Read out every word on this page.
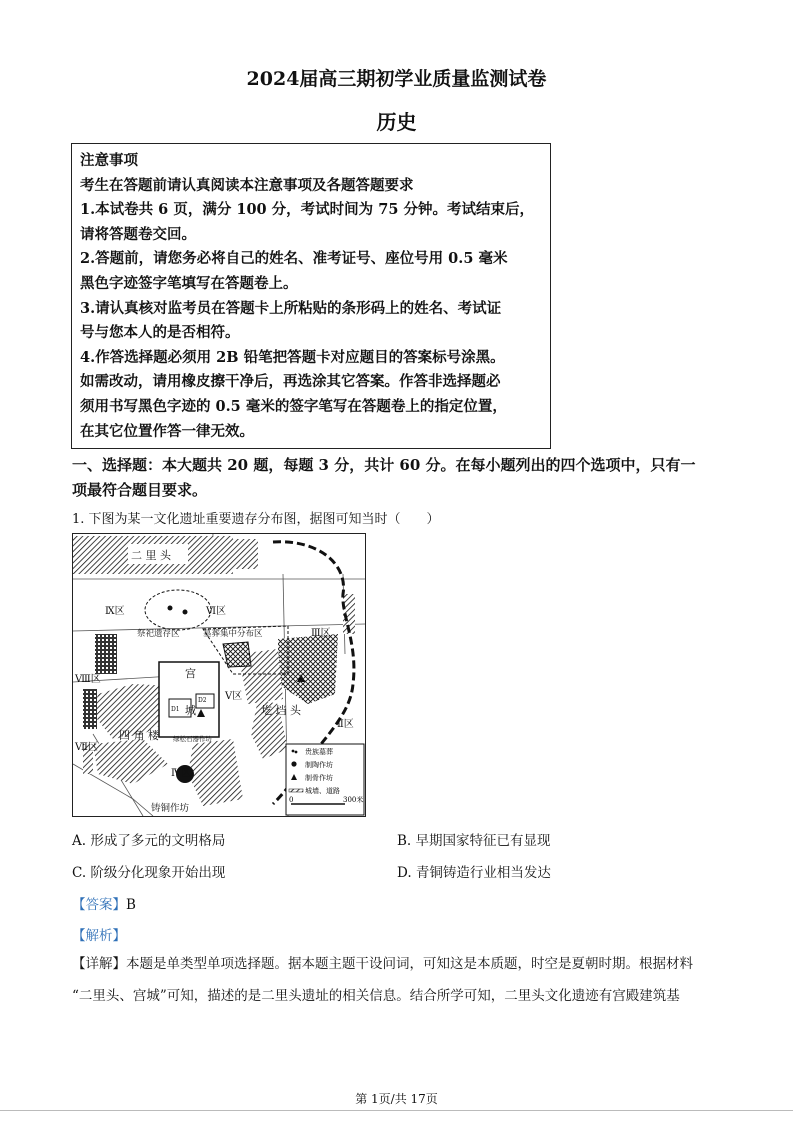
2024届高三期初学业质量监测试卷
历史
注意事项
考生在答题前请认真阅读本注意事项及各题答题要求
1.本试卷共 6 页，满分 100 分，考试时间为 75 分钟。考试结束后，
请将答题卷交回。
2.答题前，请您务必将自己的姓名、准考证号、座位号用 0.5 毫米
黑色字迹签字笔填写在答题卷上。
3.请认真核对监考员在答题卡上所粘贴的条形码上的姓名、考试证
号与您本人的是否相符。
4.作答选择题必须用 2B 铅笔把答题卡对应题目的答案标号涂黑。
如需改动，请用橡皮擦干净后，再选涂其它答案。作答非选择题必
须用书写黑色字迹的 0.5 毫米的签字笔写在答题卷上的指定位置，
在其它位置作答一律无效。
一、选择题：本大题共 20 题，每题 3 分，共计 60 分。在每小题列出的四个选项中，只有一
项最符合题目要求。
1. 下图为某一文化遗址重要遗存分布图，据图可知当时（　　）
二 里 头
Ⅸ区	Ⅵ区
Ⅲ区
Ⅷ区
Ⅴ区
Ⅶ区
Ⅱ区
Ⅳ区
祭祀遗存区	墓葬集中分布区
宫
城
D1
D2
四 角 楼
圪 垱 头
绿松石器作坊
铸铜作坊
贵族墓葬
制陶作坊
制骨作坊
城墙、道路
0	300米
A. 形成了多元的文明格局	B. 早期国家特征已有显现
C. 阶级分化现象开始出现	D. 青铜铸造行业相当发达
【答案】B
【解析】
【详解】本题是单类型单项选择题。据本题主题干设问词，可知这是本质题，时空是夏朝时期。根据材料
“二里头、宫城”可知，描述的是二里头遗址的相关信息。结合所学可知，二里头文化遗迹有宫殿建筑基
第 1页/共 17页
